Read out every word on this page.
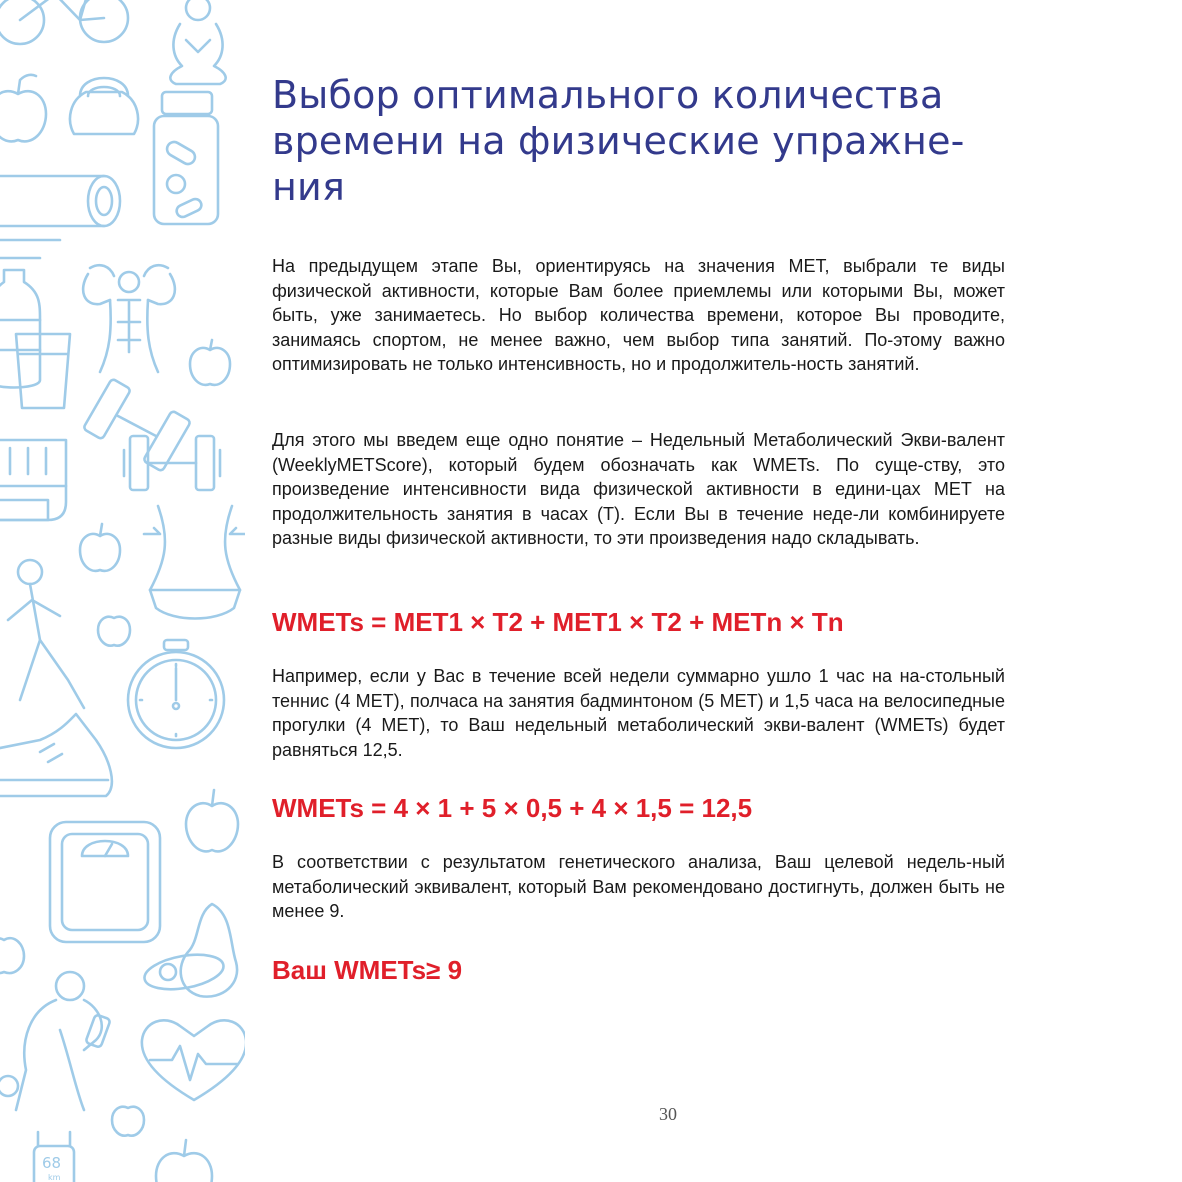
68
km
Выбор оптимального количества времени на физические упражне-ния

На предыдущем этапе Вы, ориентируясь на значения МЕТ, выбрали те виды физической активности, которые Вам более приемлемы или которыми Вы, может быть, уже занимаетесь. Но выбор количества времени, которое Вы проводите, занимаясь спортом, не менее важно, чем выбор типа занятий. По-этому важно оптимизировать не только интенсивность, но и продолжитель-ность занятий.

Для этого мы введем еще одно понятие – Недельный Метаболический Экви-валент (WeeklyMETScore), который будем обозначать как WMETs. По суще-ству, это произведение интенсивности вида физической активности в едини-цах МЕТ на продолжительность занятия в часах (Т). Если Вы в течение неде-ли комбинируете разные виды физической активности, то эти произведения надо складывать.

WMETs = MET1 × T2 + MET1 × T2 + METn × Tn

Например, если у Вас в течение всей недели суммарно ушло 1 час на на-стольный теннис (4 МЕТ), полчаса на занятия бадминтоном (5 МЕТ) и 1,5 часа на велосипедные прогулки (4 МЕТ), то Ваш недельный метаболический экви-валент (WMETs) будет равняться 12,5.

WMETs = 4 × 1 + 5 × 0,5 + 4 × 1,5 = 12,5

В соответствии с результатом генетического анализа, Ваш целевой недель-ный метаболический эквивалент, который Вам рекомендовано достигнуть, должен быть не менее 9.

Ваш WMETs≥ 9

30
